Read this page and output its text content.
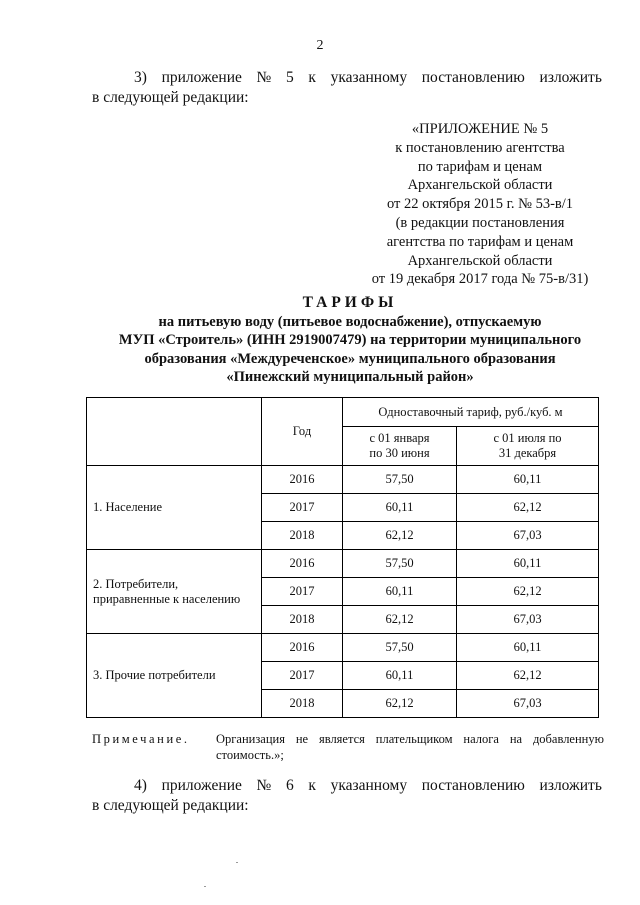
2
3) приложение № 5 к указанному постановлению изложить
в следующей редакции:
«ПРИЛОЖЕНИЕ № 5
к постановлению агентства
по тарифам и ценам
Архангельской области
от 22 октября 2015 г. № 53-в/1
(в редакции постановления
агентства по тарифам и ценам
Архангельской области
от 19 декабря 2017 года № 75-в/31)
ТАРИФЫ
на питьевую воду (питьевое водоснабжение), отпускаемую
МУП «Строитель» (ИНН 2919007479) на территории муниципального
образования «Междуреченское» муниципального образования
«Пинежский муниципальный район»
	Год	Одноставочный тариф, руб./куб. м	
		с 01 января по 30 июня	с 01 июля по 31 декабря
1. Население	2016	57,50	60,11
	2017	60,11	62,12
	2018	62,12	67,03
2. Потребители, приравненные к населению	2016	57,50	60,11
	2017	60,11	62,12
	2018	62,12	67,03
3. Прочие потребители	2016	57,50	60,11
	2017	60,11	62,12
	2018	62,12	67,03
Примечание. Организация не является плательщиком налога на добавленную
стоимость.»;
4) приложение № 6 к указанному постановлению изложить
в следующей редакции:
